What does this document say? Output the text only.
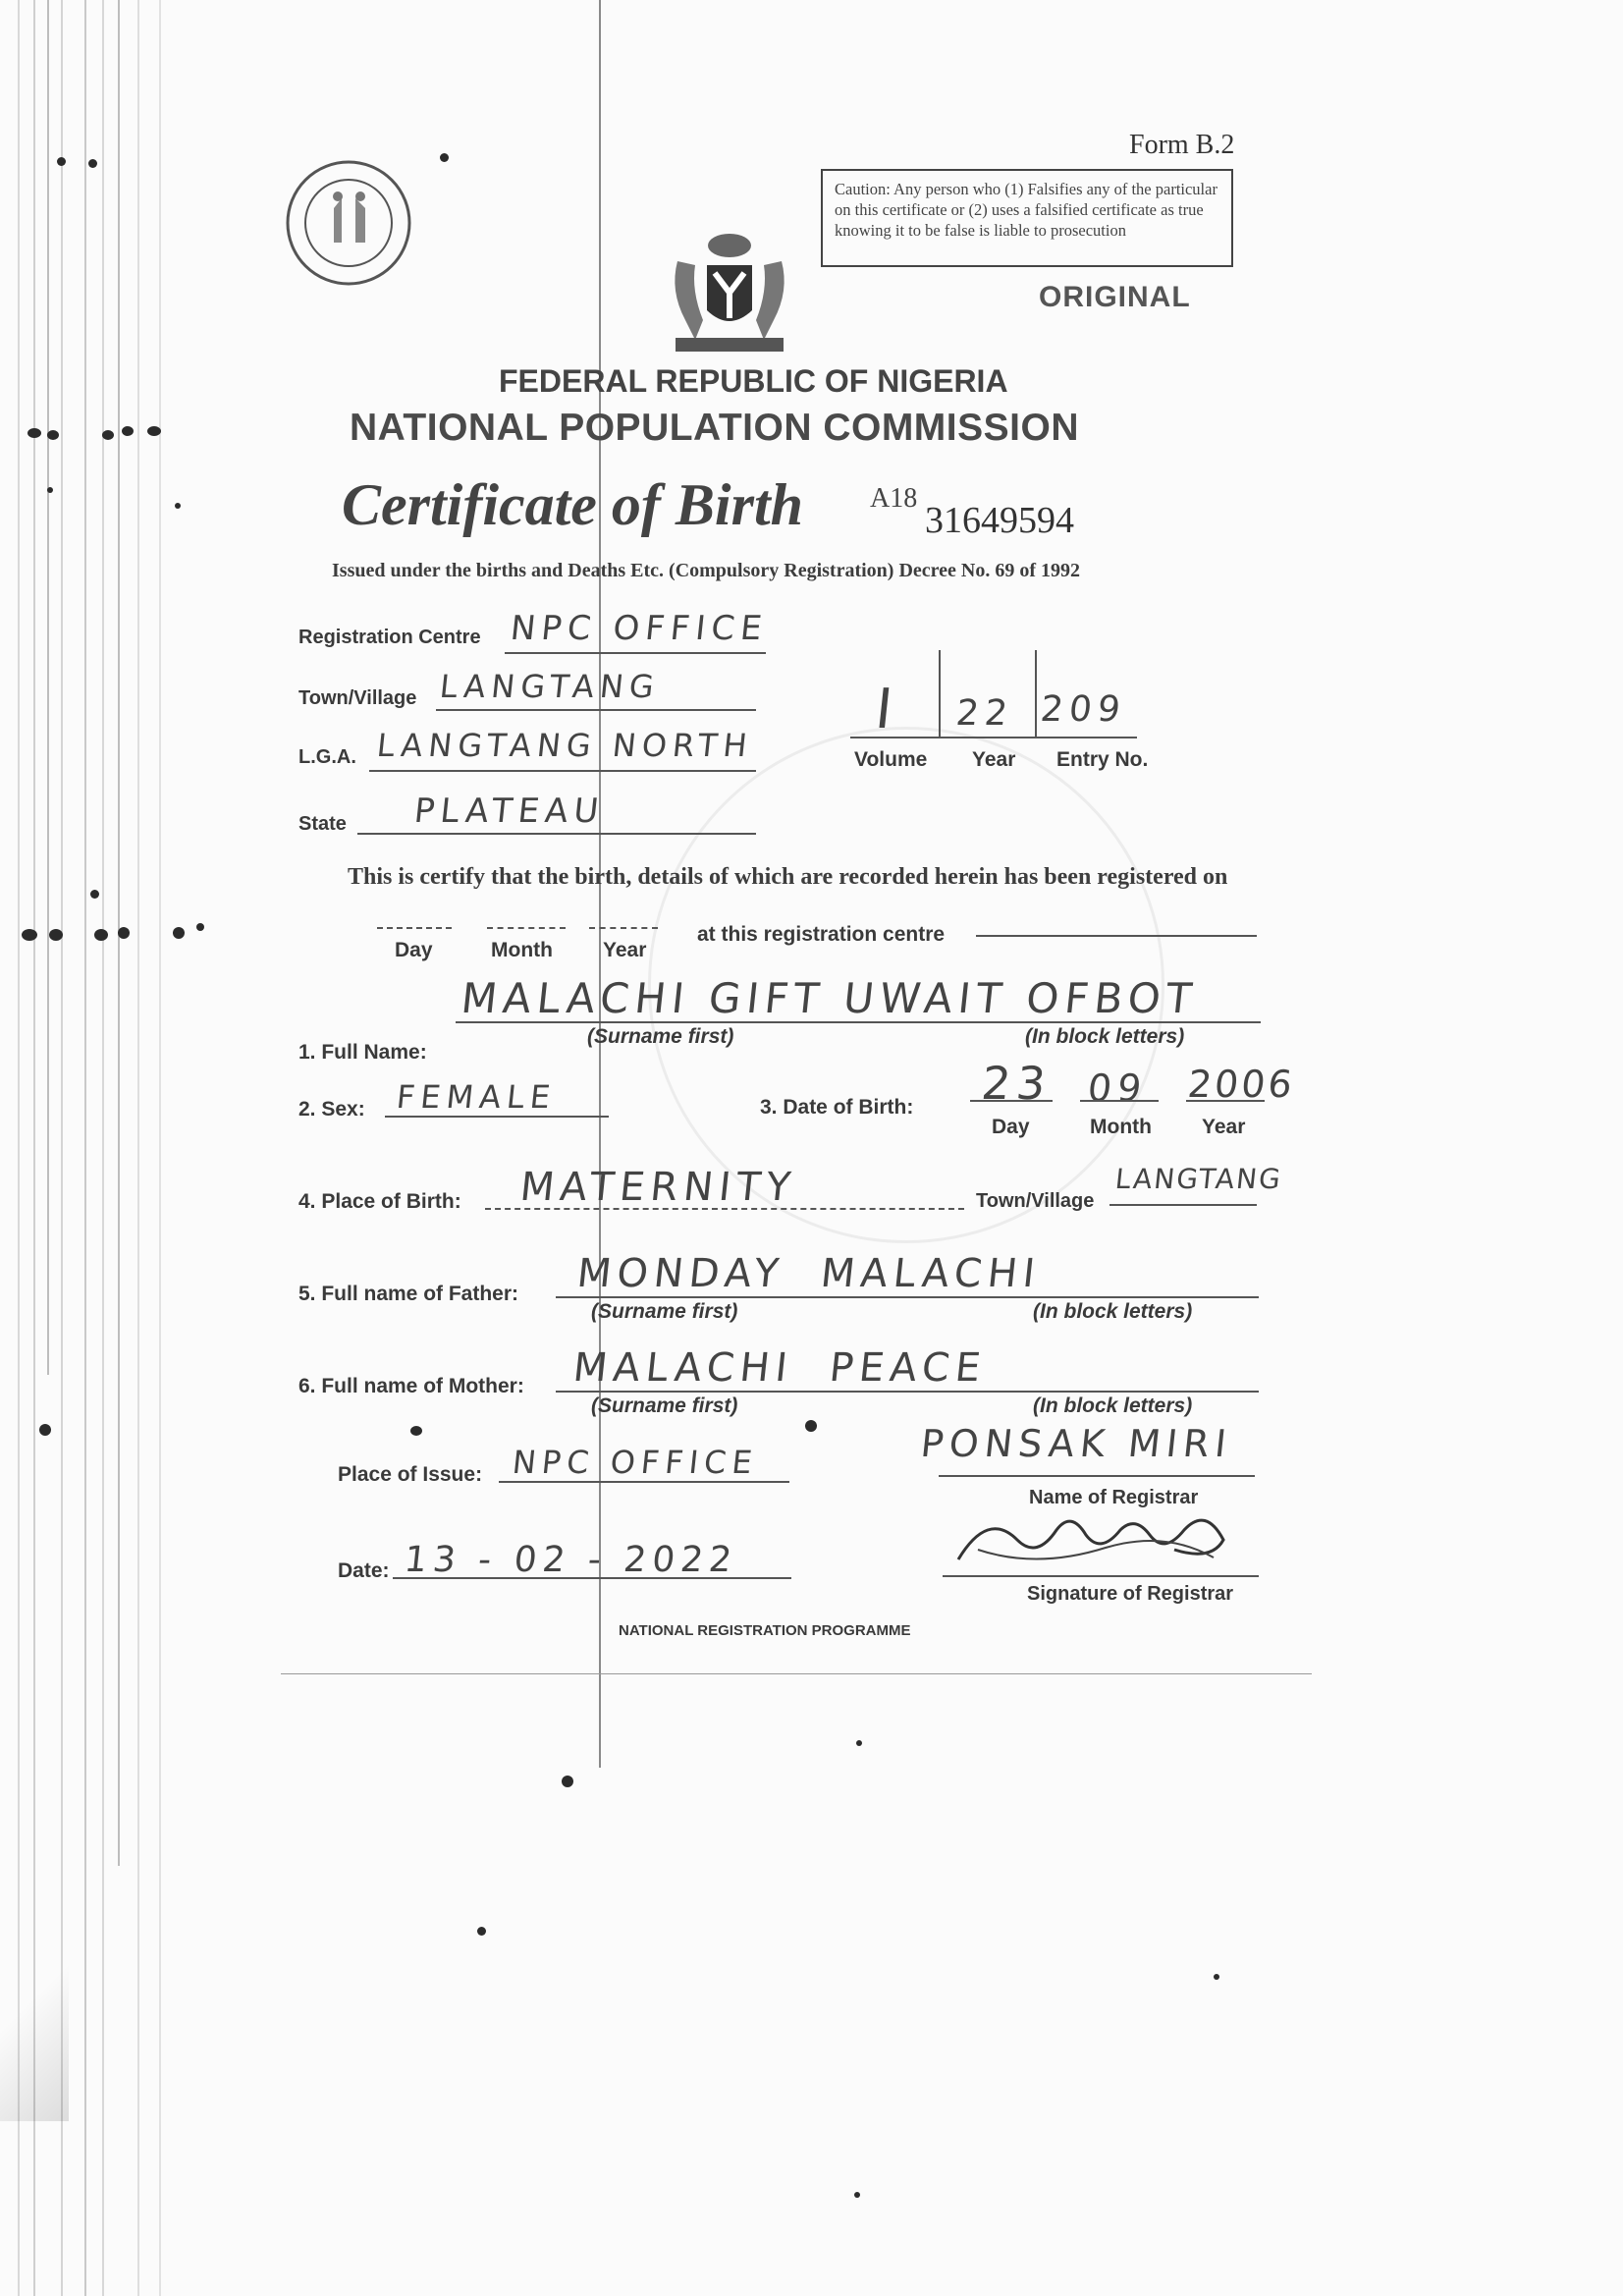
Form B.2
Caution: Any person who (1) Falsifies any of the particular on this certificate or (2) uses a falsified certificate as true knowing it to be false is liable to prosecution
ORIGINAL
FEDERAL REPUBLIC OF NIGERIA
NATIONAL POPULATION COMMISSION
Certificate of Birth A18
31649594
Issued under the births and Deaths Etc. (Compulsory Registration) Decree No. 69 of 1992
Registration Centre NPC OFFICE
Town/Village LANGTANG
L.G.A. LANGTANG NORTH
State PLATEAU
I 22 209
Volume Year Entry No.
This is certify that the birth, details of which are recorded herein has been registered on
Day	Month Year
at this registration centre
1. Full Name:
MALACHI GIFT UWAIT OFBOT
(Surname first)	(In block letters)
2. Sex: FEMALE	3. Date of Birth: 23 09 2006
Day	Month Year
4. Place of Birth: MATERNITY	Town/Village
LANGTANG
5. Full name of Father: MONDAY  MALACHI
(Surname first)	(In block letters)
6. Full name of Mother: MALACHI  PEACE
(Surname first)	(In block letters)
Place of Issue: NPC OFFICE
Date: 13 - 02 - 2022
PONSAK MIRI
Name of Registrar
Signature of Registrar
NATIONAL REGISTRATION PROGRAMME
